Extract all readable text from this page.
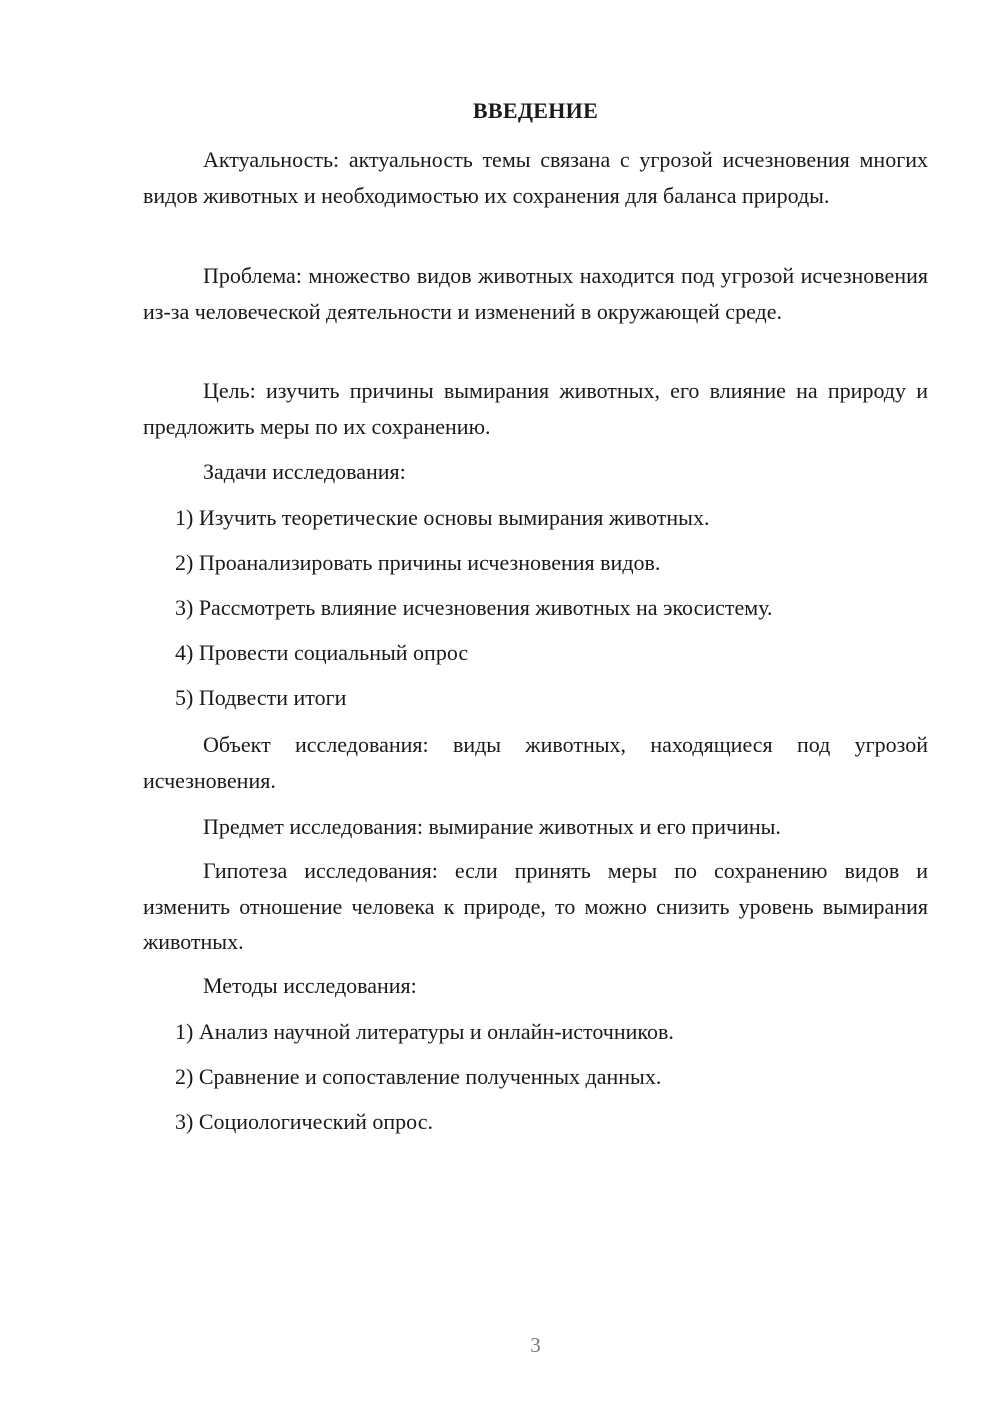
ВВЕДЕНИЕ

Актуальность: актуальность темы связана с угрозой исчезновения многих видов животных и необходимостью их сохранения для баланса природы.

Проблема: множество видов животных находится под угрозой исчезновения из-за человеческой деятельности и изменений в окружающей среде.

Цель: изучить причины вымирания животных, его влияние на природу и предложить меры по их сохранению.

Задачи исследования:

1) Изучить теоретические основы вымирания животных.

2) Проанализировать причины исчезновения видов.

3) Рассмотреть влияние исчезновения животных на экосистему.

4) Провести социальный опрос

5) Подвести итоги

Объект исследования: виды животных, находящиеся под угрозой исчезновения.

Предмет исследования: вымирание животных и его причины.

Гипотеза исследования: если принять меры по сохранению видов и изменить отношение человека к природе, то можно снизить уровень вымирания животных.

Методы исследования:

1) Анализ научной литературы и онлайн-источников.

2) Сравнение и сопоставление полученных данных.

3) Социологический опрос.

3
